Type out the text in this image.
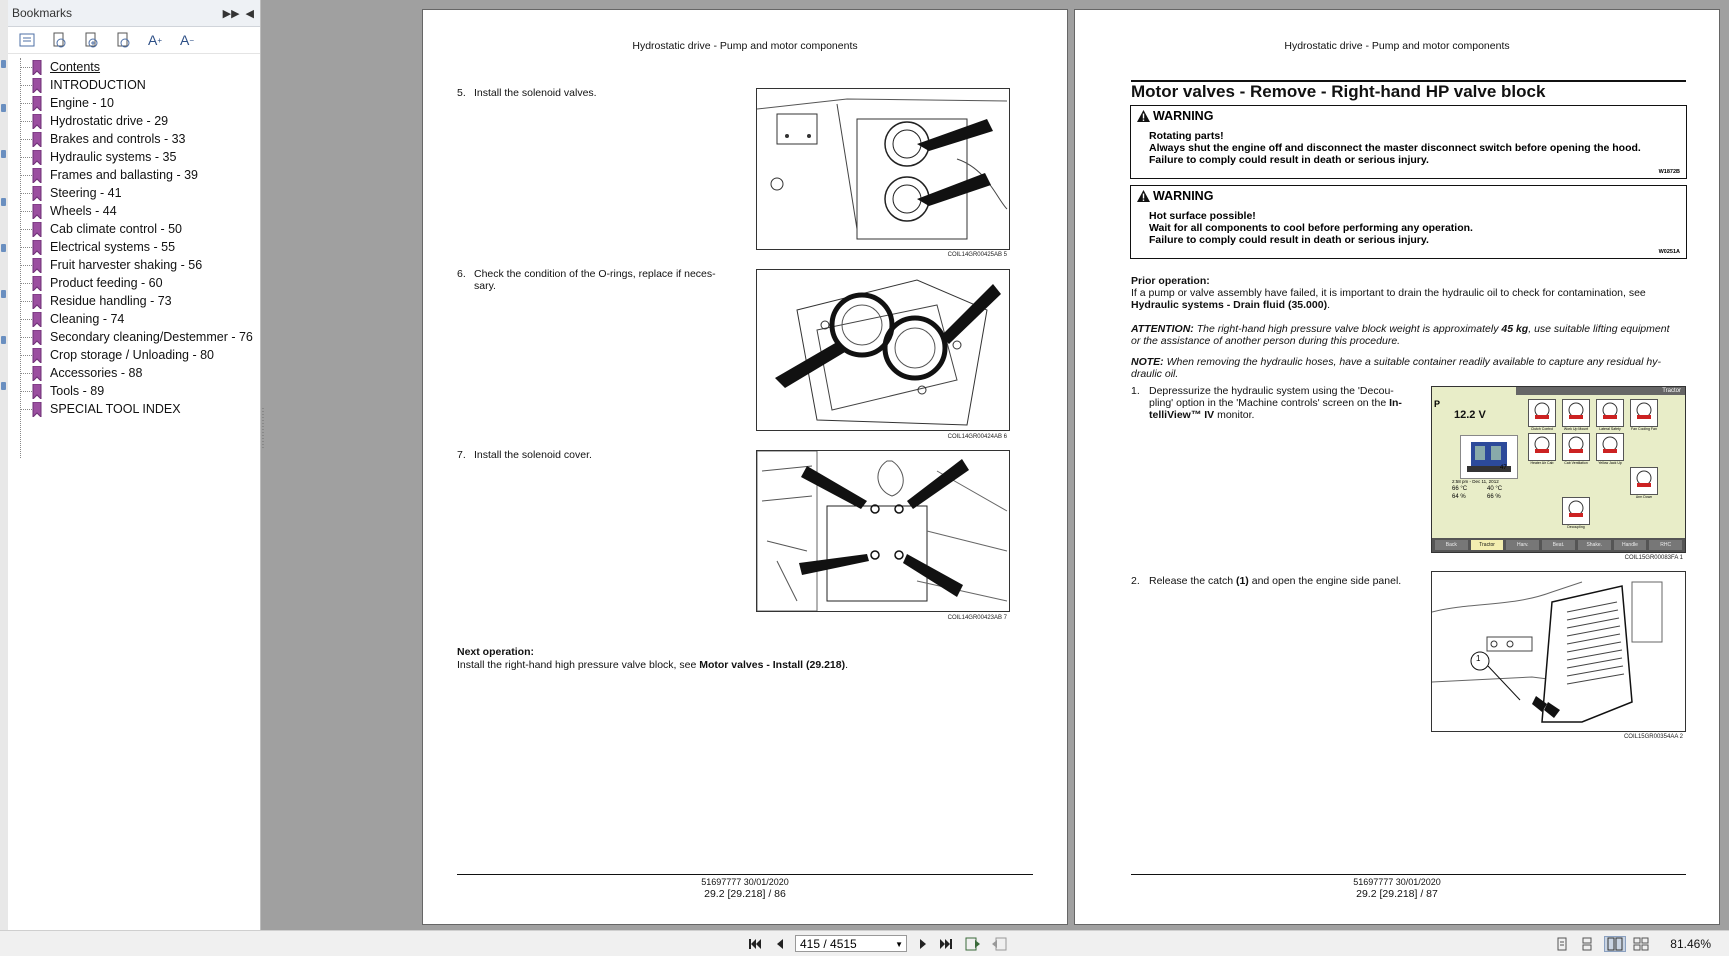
Bookmarks	▶▶ ◀
A +	A −
Contents
INTRODUCTION
Engine - 10
Hydrostatic drive - 29
Brakes and controls - 33
Hydraulic systems - 35
Frames and ballasting - 39
Steering - 41
Wheels - 44
Cab climate control - 50
Electrical systems - 55
Fruit harvester shaking - 56
Product feeding - 60
Residue handling - 73
Cleaning - 74
Secondary cleaning/Destemmer - 76
Crop storage / Unloading - 80
Accessories - 88
Tools - 89
SPECIAL TOOL INDEX
Hydrostatic drive - Pump and motor components
5. Install the solenoid valves.
COIL14GR00425AB 5
6. Check the condition of the O-rings, replace if neces-
sary.
COIL14GR00424AB 6
7. Install the solenoid cover.
COIL14GR00423AB 7
Next operation:
Install the right-hand high pressure valve block, see Motor valves - Install (29.218).
51697777 30/01/2020
29.2 [29.218] / 86
Hydrostatic drive - Pump and motor components
Motor valves - Remove - Right-hand HP valve block
WARNING
Rotating parts!
Always shut the engine off and disconnect the master disconnect switch before opening the hood.
Failure to comply could result in death or serious injury.
W1872B
WARNING
Hot surface possible!
Wait for all components to cool before performing any operation.
Failure to comply could result in death or serious injury.
W0251A
Prior operation:
If a pump or valve assembly have failed, it is important to drain the hydraulic oil to check for contamination, see
Hydraulic systems - Drain fluid (35.000).
ATTENTION: The right-hand high pressure valve block weight is approximately 45 kg, use suitable lifting equipment
or the assistance of another person during this procedure.
NOTE: When removing the hydraulic hoses, have a suitable container readily available to capture any residual hy-
draulic oil.
1. Depressurize the hydraulic system using the 'Decou-
pling' option in the 'Machine controls' screen on the In-
telliView™ IV monitor.
Tractor
12.2 V
P
47
2:58 pm - Dec 11, 2012
66 °C	40 °C
64 %	66 %
Clutch Control	Work Up Mount	Lateral Safety	Fan Cooling Fan
Heater Air Cab	Cab Ventilation	Yellow Jack Up
Arm Down
Decoupling
Back	Tractor	Harv.	Beat.	Shake.	Handle	RHC
COIL15GR00083FA 1
2. Release the catch (1) and open the engine side panel.
1
COIL15GR00354AA 2
51697777 30/01/2020
29.2 [29.218] / 87
415 / 4515	▼	81.46%
